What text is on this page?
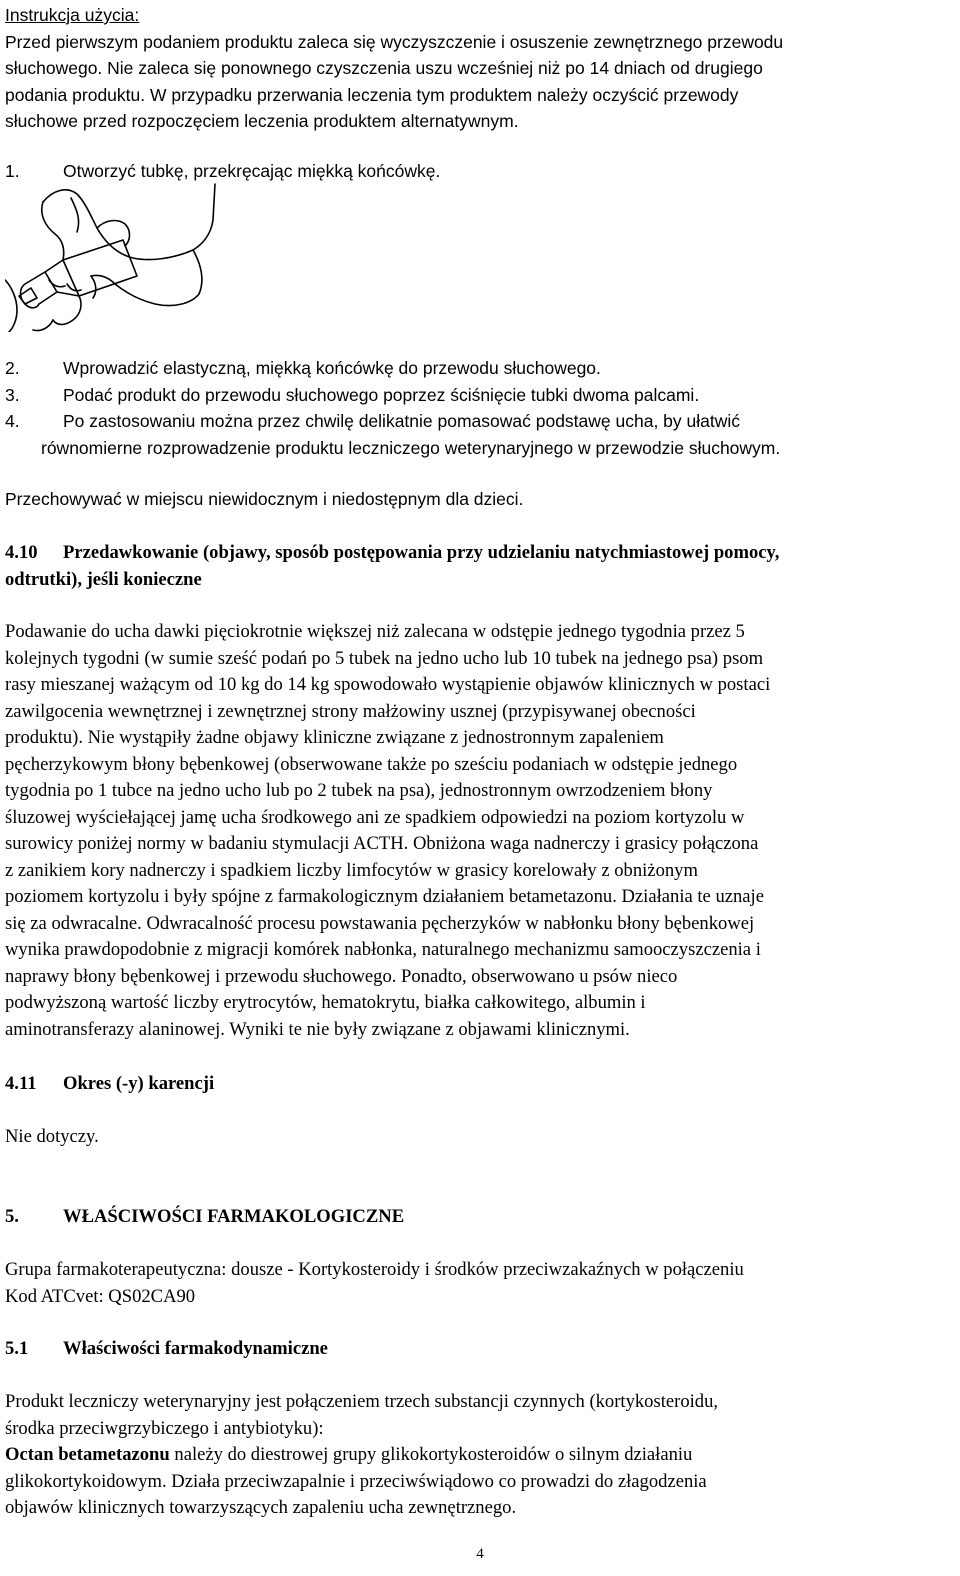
Instrukcja użycia:
Przed pierwszym podaniem produktu zaleca się wyczyszczenie i osuszenie zewnętrznego przewodu
słuchowego. Nie zaleca się ponownego czyszczenia uszu wcześniej niż po 14 dniach od drugiego
podania produktu. W przypadku przerwania leczenia tym produktem należy oczyścić przewody
słuchowe przed rozpoczęciem leczenia produktem alternatywnym.
1. Otworzyć tubkę, przekręcając miękką końcówkę.
2. Wprowadzić elastyczną, miękką końcówkę do przewodu słuchowego.
3. Podać produkt do przewodu słuchowego poprzez ściśnięcie tubki dwoma palcami.
4. Po zastosowaniu można przez chwilę delikatnie pomasować podstawę ucha, by ułatwić
równomierne rozprowadzenie produktu leczniczego weterynaryjnego w przewodzie słuchowym.
Przechowywać w miejscu niewidocznym i niedostępnym dla dzieci.
4.10 Przedawkowanie (objawy, sposób postępowania przy udzielaniu natychmiastowej pomocy,
odtrutki), jeśli konieczne

Podawanie do ucha dawki pięciokrotnie większej niż zalecana w odstępie jednego tygodnia przez 5

kolejnych tygodni (w sumie sześć podań po 5 tubek na jedno ucho lub 10 tubek na jednego psa) psom

rasy mieszanej ważącym od 10 kg do 14 kg spowodowało wystąpienie objawów klinicznych w postaci

zawilgocenia wewnętrznej i zewnętrznej strony małżowiny usznej (przypisywanej obecności

produktu). Nie wystąpiły żadne objawy kliniczne związane z jednostronnym zapaleniem

pęcherzykowym błony bębenkowej (obserwowane także po sześciu podaniach w odstępie jednego

tygodnia po 1 tubce na jedno ucho lub po 2 tubek na psa), jednostronnym owrzodzeniem błony

śluzowej wyściełającej jamę ucha środkowego ani ze spadkiem odpowiedzi na poziom kortyzolu w

surowicy poniżej normy w badaniu stymulacji ACTH. Obniżona waga nadnerczy i grasicy połączona

z zanikiem kory nadnerczy i spadkiem liczby limfocytów w grasicy korelowały z obniżonym

poziomem kortyzolu i były spójne z farmakologicznym działaniem betametazonu. Działania te uznaje

się za odwracalne. Odwracalność procesu powstawania pęcherzyków w nabłonku błony bębenkowej

wynika prawdopodobnie z migracji komórek nabłonka, naturalnego mechanizmu samooczyszczenia i

naprawy błony bębenkowej i przewodu słuchowego. Ponadto, obserwowano u psów nieco

podwyższoną wartość liczby erytrocytów, hematokrytu, białka całkowitego, albumin i

aminotransferazy alaninowej. Wyniki te nie były związane z objawami klinicznymi.

4.11 Okres (-y) karencji
Nie dotyczy.
5. WŁAŚCIWOŚCI FARMAKOLOGICZNE

Grupa farmakoterapeutyczna: dousze - Kortykosteroidy i środków przeciwzakaźnych w połączeniu

Kod ATCvet: QS02CA90

5.1 Właściwości farmakodynamiczne

Produkt leczniczy weterynaryjny jest połączeniem trzech substancji czynnych (kortykosteroidu,

środka przeciwgrzybiczego i antybiotyku):

Octan betametazonu należy do diestrowej grupy glikokortykosteroidów o silnym działaniu

glikokortykoidowym. Działa przeciwzapalnie i przeciwświądowo co prowadzi do złagodzenia

objawów klinicznych towarzyszących zapaleniu ucha zewnętrznego.

4
